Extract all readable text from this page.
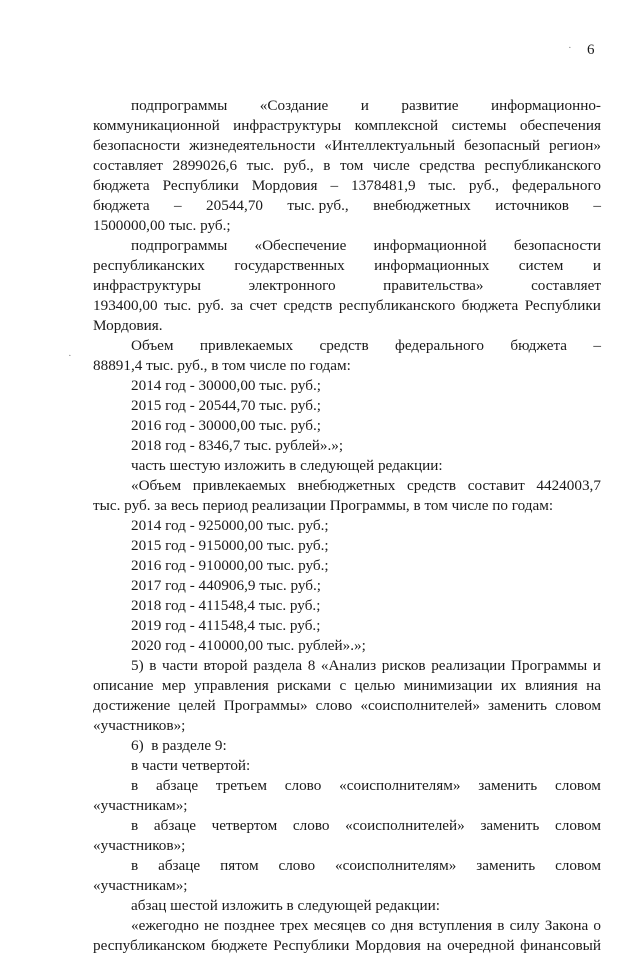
·
·
6
подпрограммы «Создание и развитие информационно-
коммуникационной инфраструктуры комплексной системы обеспечения
безопасности жизнедеятельности «Интеллектуальный безопасный регион»
составляет 2899026,6 тыс. руб., в том числе средства республиканского
бюджета Республики Мордовия – 1378481,9 тыс. руб., федерального
бюджета – 20544,70 тыс. руб., внебюджетных источников –
1500000,00 тыс. руб.;
подпрограммы «Обеспечение информационной безопасности
республиканских государственных информационных систем и
инфраструктуры	электронного	правительства»	составляет
193400,00 тыс. руб. за счет средств республиканского бюджета Республики
Мордовия.
Объем привлекаемых средств федерального бюджета –
88891,4 тыс. руб., в том числе по годам:
2014 год - 30000,00 тыс. руб.;
2015 год - 20544,70 тыс. руб.;
2016 год - 30000,00 тыс. руб.;
2018 год - 8346,7 тыс. рублей».»;
часть шестую изложить в следующей редакции:
«Объем привлекаемых внебюджетных средств составит 4424003,7
тыс. руб. за весь период реализации Программы, в том числе по годам:
2014 год - 925000,00 тыс. руб.;
2015 год - 915000,00 тыс. руб.;
2016 год - 910000,00 тыс. руб.;
2017 год - 440906,9 тыс. руб.;
2018 год - 411548,4 тыс. руб.;
2019 год - 411548,4 тыс. руб.;
2020 год - 410000,00 тыс. рублей».»;
5) в части второй раздела 8 «Анализ рисков реализации Программы и
описание мер управления рисками с целью минимизации их влияния на
достижение целей Программы» слово «соисполнителей» заменить словом
«участников»;
6)  в разделе 9:
в части четвертой:
в абзаце третьем слово «соисполнителям» заменить словом
«участникам»;
в абзаце четвертом слово «соисполнителей» заменить словом
«участников»;
в абзаце пятом слово «соисполнителям» заменить словом
«участникам»;
абзац шестой изложить в следующей редакции:
«ежегодно не позднее трех месяцев со дня вступления в силу Закона о
республиканском бюджете Республики Мордовия на очередной финансовый
